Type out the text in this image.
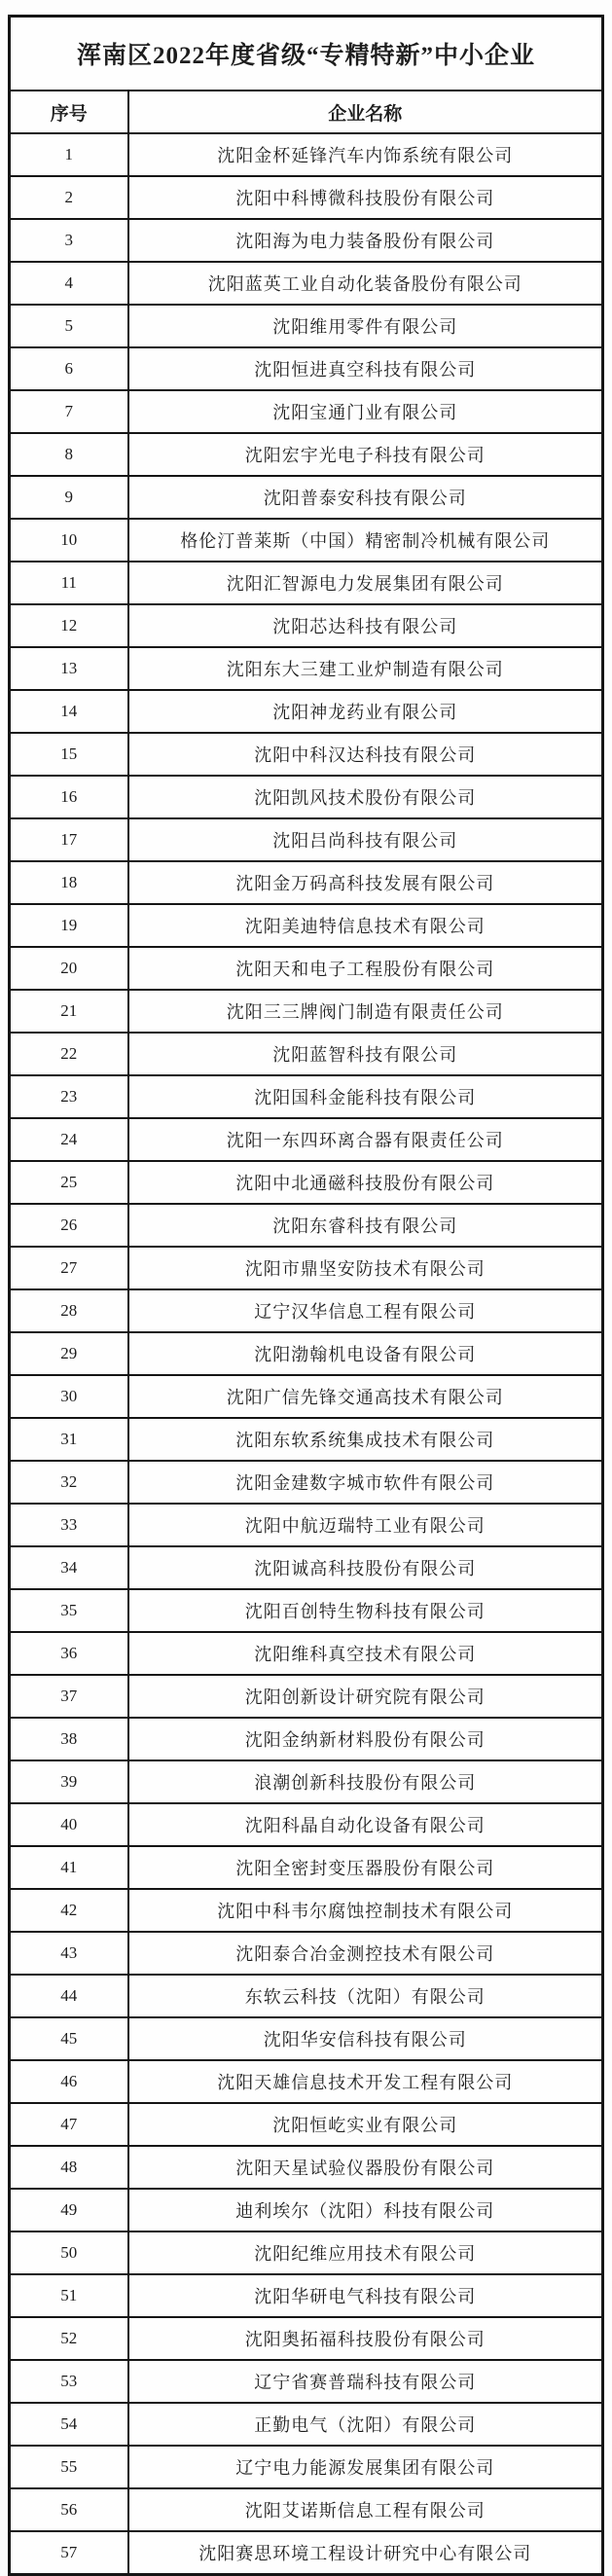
浑南区2022年度省级“专精特新”中小企业	
序号	企业名称
1	沈阳金杯延锋汽车内饰系统有限公司
2	沈阳中科博微科技股份有限公司
3	沈阳海为电力装备股份有限公司
4	沈阳蓝英工业自动化装备股份有限公司
5	沈阳维用零件有限公司
6	沈阳恒进真空科技有限公司
7	沈阳宝通门业有限公司
8	沈阳宏宇光电子科技有限公司
9	沈阳普泰安科技有限公司
10	格伦汀普莱斯（中国）精密制冷机械有限公司
11	沈阳汇智源电力发展集团有限公司
12	沈阳芯达科技有限公司
13	沈阳东大三建工业炉制造有限公司
14	沈阳神龙药业有限公司
15	沈阳中科汉达科技有限公司
16	沈阳凯风技术股份有限公司
17	沈阳吕尚科技有限公司
18	沈阳金万码高科技发展有限公司
19	沈阳美迪特信息技术有限公司
20	沈阳天和电子工程股份有限公司
21	沈阳三三牌阀门制造有限责任公司
22	沈阳蓝智科技有限公司
23	沈阳国科金能科技有限公司
24	沈阳一东四环离合器有限责任公司
25	沈阳中北通磁科技股份有限公司
26	沈阳东睿科技有限公司
27	沈阳市鼎坚安防技术有限公司
28	辽宁汉华信息工程有限公司
29	沈阳渤翰机电设备有限公司
30	沈阳广信先锋交通高技术有限公司
31	沈阳东软系统集成技术有限公司
32	沈阳金建数字城市软件有限公司
33	沈阳中航迈瑞特工业有限公司
34	沈阳诚高科技股份有限公司
35	沈阳百创特生物科技有限公司
36	沈阳维科真空技术有限公司
37	沈阳创新设计研究院有限公司
38	沈阳金纳新材料股份有限公司
39	浪潮创新科技股份有限公司
40	沈阳科晶自动化设备有限公司
41	沈阳全密封变压器股份有限公司
42	沈阳中科韦尔腐蚀控制技术有限公司
43	沈阳泰合冶金测控技术有限公司
44	东软云科技（沈阳）有限公司
45	沈阳华安信科技有限公司
46	沈阳天雄信息技术开发工程有限公司
47	沈阳恒屹实业有限公司
48	沈阳天星试验仪器股份有限公司
49	迪利埃尔（沈阳）科技有限公司
50	沈阳纪维应用技术有限公司
51	沈阳华研电气科技有限公司
52	沈阳奥拓福科技股份有限公司
53	辽宁省赛普瑞科技有限公司
54	正勤电气（沈阳）有限公司
55	辽宁电力能源发展集团有限公司
56	沈阳艾诺斯信息工程有限公司
57	沈阳赛思环境工程设计研究中心有限公司
